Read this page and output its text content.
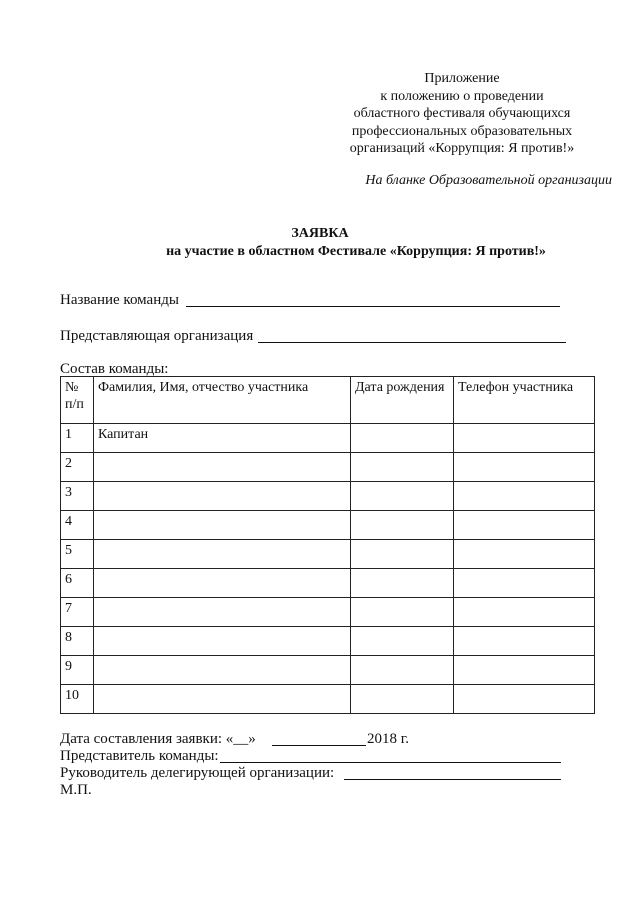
Приложение
к положению о проведении
областного фестиваля обучающихся
профессиональных образовательных
организаций «Коррупция: Я против!»
На бланке Образовательной организации
ЗАЯВКА
на участие в областном Фестивале «Коррупция: Я против!»
Название команды
Представляющая организация
Состав команды:
№ п/п	Фамилия, Имя, отчество участника	Дата рождения	Телефон участника
1	Капитан		
2			
3			
4			
5			
6			
7			
8			
9			
10			
Дата составления заявки: «__»	2018 г.
Представитель команды:
Руководитель делегирующей организации:
М.П.
